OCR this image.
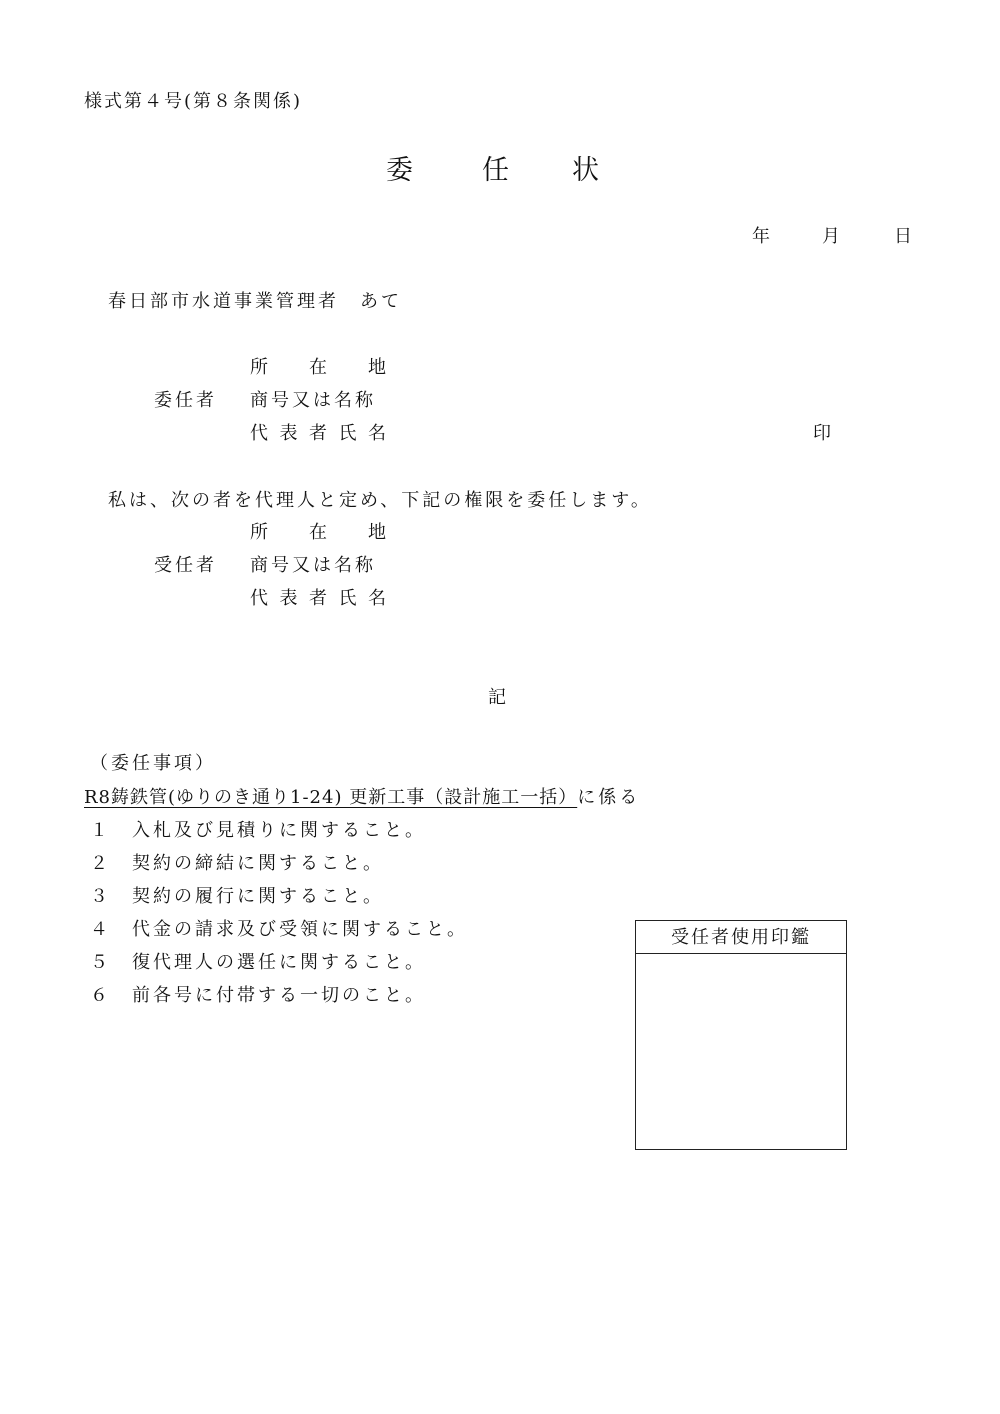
様式第４号(第８条関係)
委	任 状
年	月	日
春日部市水道事業管理者　あて
所 在 地
委任者 商号又は名称
代 表 者 氏 名	印
私は、次の者を代理人と定め、下記の権限を委任します。
所 在 地
受任者 商号又は名称
代 表 者 氏 名
記
（委任事項）
R8鋳鉄管(ゆりのき通り1-24) 更新工事（設計施工一括）に係る
１ 入札及び見積りに関すること。
２ 契約の締結に関すること。
３ 契約の履行に関すること。
４ 代金の請求及び受領に関すること。
５ 復代理人の選任に関すること。
６ 前各号に付帯する一切のこと。
受任者使用印鑑
